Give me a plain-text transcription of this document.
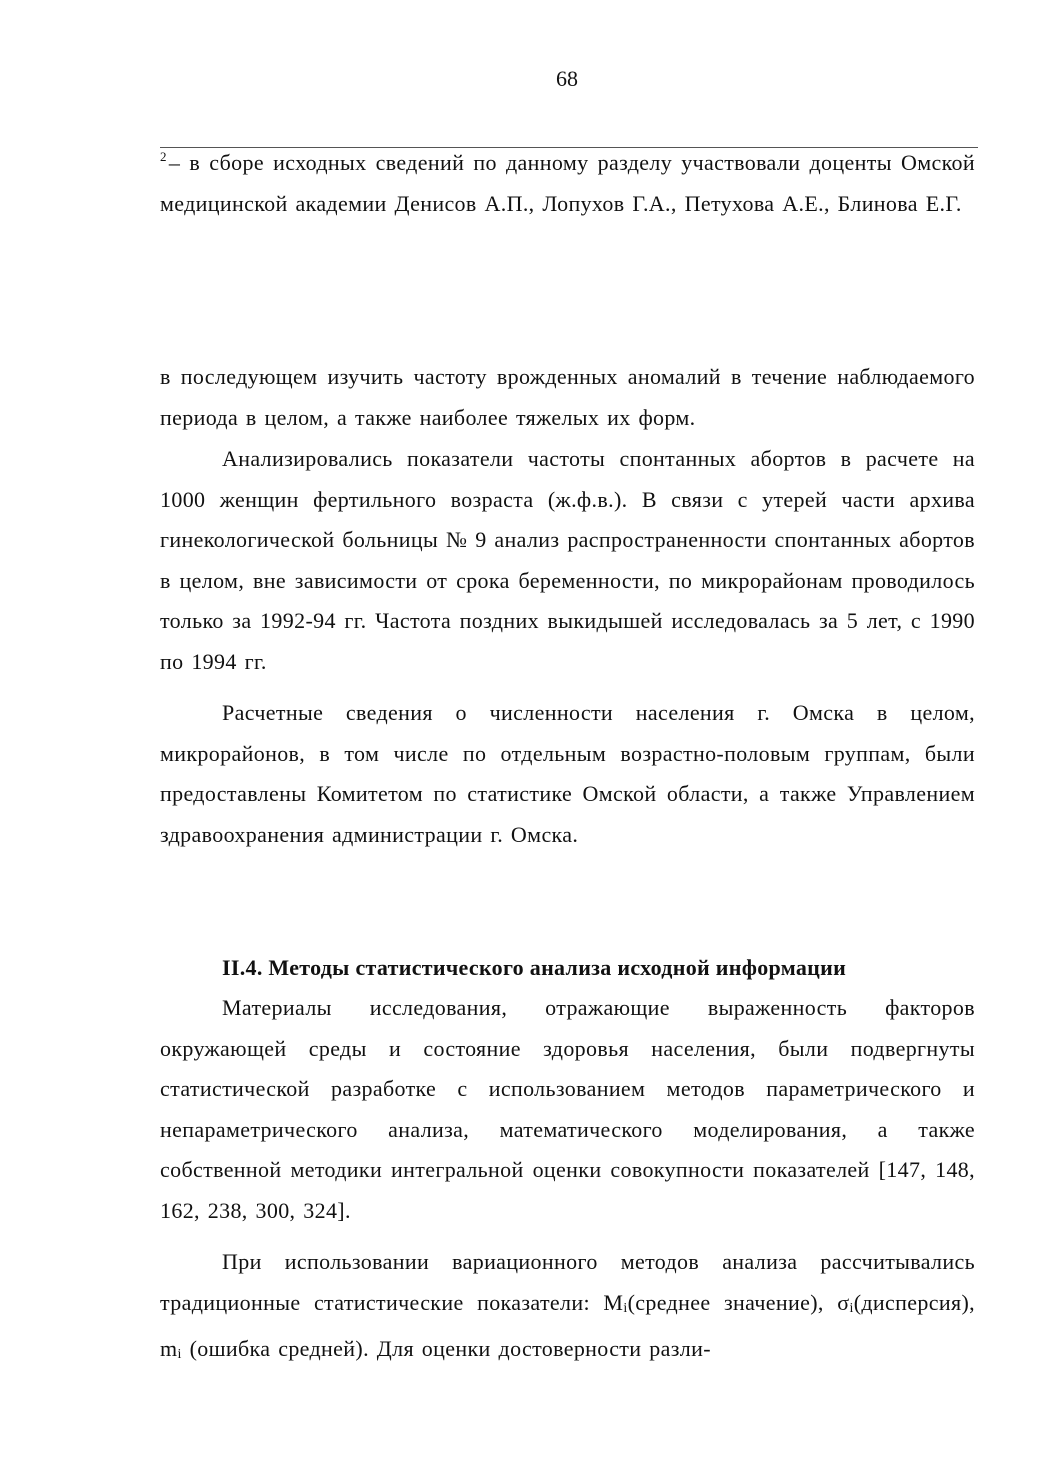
68
$^2$– в сборе исходных сведений по данному разделу участвовали доценты Омской медицинской академии Денисов А.П., Лопухов Г.А., Петухова А.Е., Блинова Е.Г.
в последующем изучить частоту врожденных аномалий в течение наблюдаемого периода в целом, а также наиболее тяжелых их форм.
Анализировались показатели частоты спонтанных абортов в расчете на 1000 женщин фертильного возраста (ж.ф.в.). В связи с утерей части архива гинекологической больницы № 9 анализ распространенности спонтанных абортов в целом, вне зависимости от срока беременности, по микрорайонам проводилось только за 1992-94 гг. Частота поздних выкидышей исследовалась за 5 лет, с 1990 по 1994 гг.
Расчетные сведения о численности населения г. Омска в целом, микрорайонов, в том числе по отдельным возрастно-половым группам, были предоставлены Комитетом по статистике Омской области, а также Управлением здравоохранения администрации г. Омска.
II.4. Методы статистического анализа исходной информации
Материалы исследования, отражающие выраженность факторов окружающей среды и состояние здоровья населения, были подвергнуты статистической разработке с использованием методов параметрического и непараметрического анализа, математического моделирования, а также собственной методики интегральной оценки совокупности показателей [147, 148, 162, 238, 300, 324].
При использовании вариационного методов анализа рассчитывались традиционные статистические показатели: $M_i(среднее$ значение), $\sigma_i(дисперсия)$, $m_i$ (ошибка средней). Для оценки достоверности разли-
